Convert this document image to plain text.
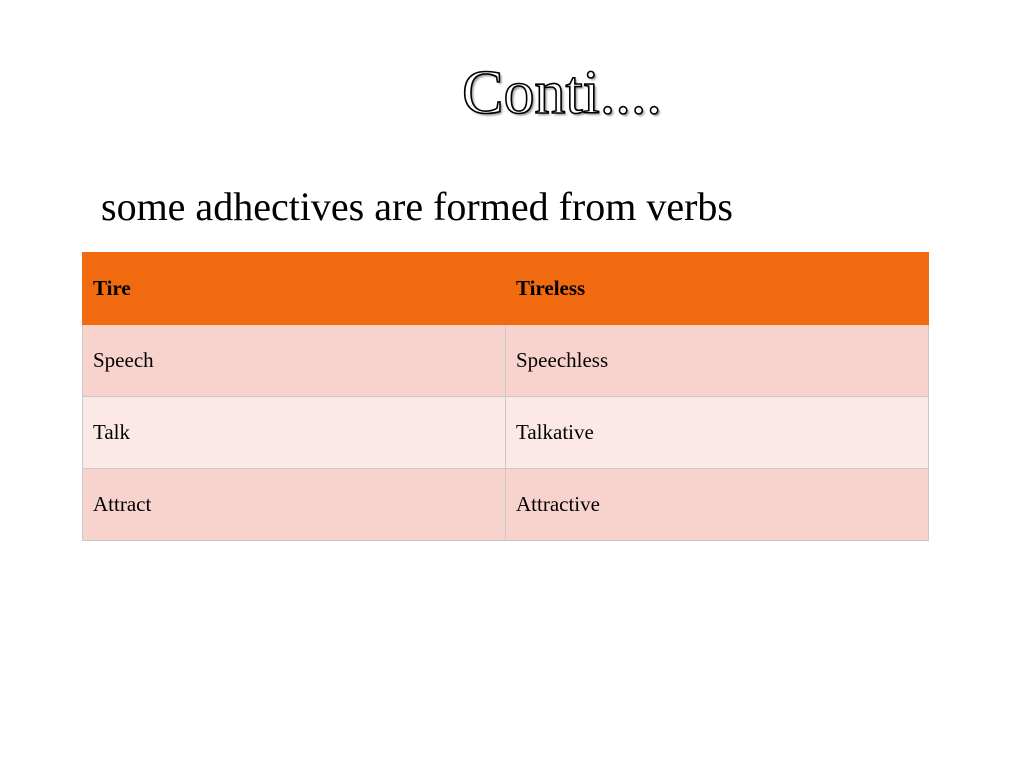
Conti....
some adhectives are formed from verbs
Tire	Tireless
Speech	Speechless
Talk	Talkative
Attract	Attractive
